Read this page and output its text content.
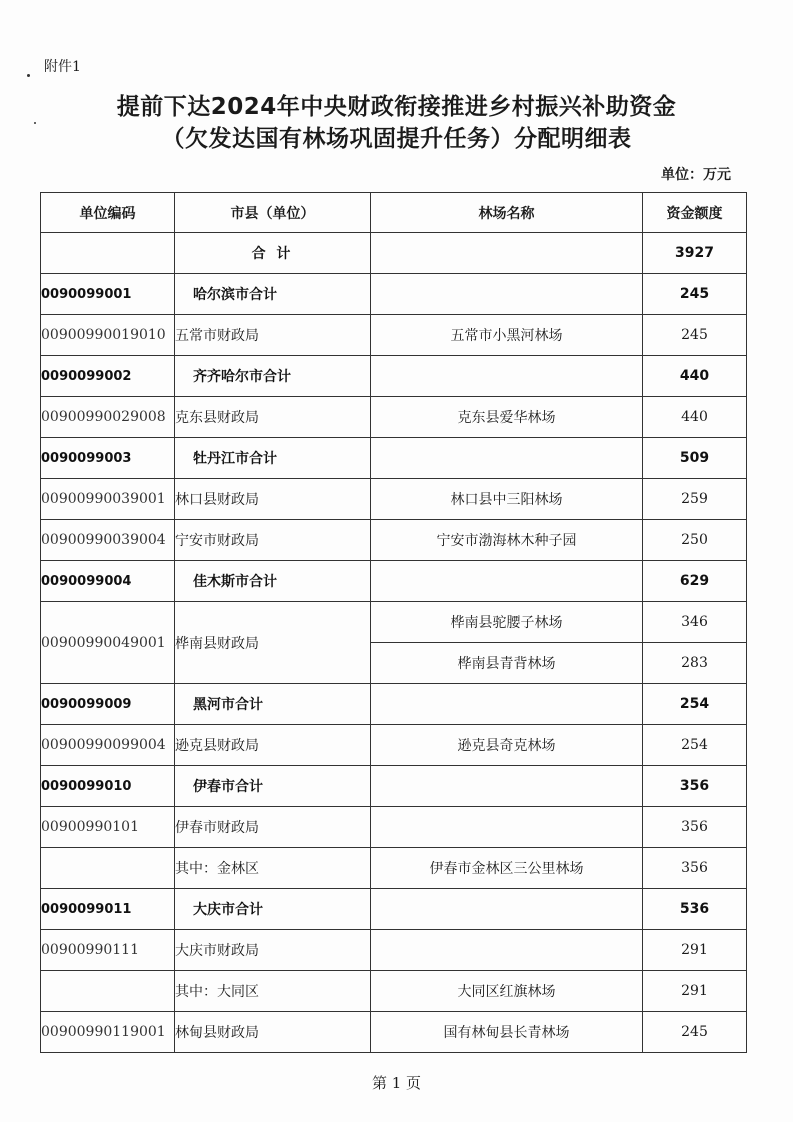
附件1
提前下达2024年中央财政衔接推进乡村振兴补助资金
（欠发达国有林场巩固提升任务）分配明细表
单位：万元
单位编码	市县（单位）	林场名称	资金额度
	合 计		3927
0090099001	哈尔滨市合计		245
00900990019010	五常市财政局	五常市小黑河林场	245
0090099002	齐齐哈尔市合计		440
00900990029008	克东县财政局	克东县爱华林场	440
0090099003	牡丹江市合计		509
00900990039001	林口县财政局	林口县中三阳林场	259
00900990039004	宁安市财政局	宁安市渤海林木种子园	250
0090099004	佳木斯市合计		629
00900990049001	桦南县财政局	桦南县驼腰子林场	346
		桦南县青背林场	283
0090099009	黑河市合计		254
00900990099004	逊克县财政局	逊克县奇克林场	254
0090099010	伊春市合计		356
00900990101	伊春市财政局		356
	其中：金林区	伊春市金林区三公里林场	356
0090099011	大庆市合计		536
00900990111	大庆市财政局		291
	其中：大同区	大同区红旗林场	291
00900990119001	林甸县财政局	国有林甸县长青林场	245
第 1 页
